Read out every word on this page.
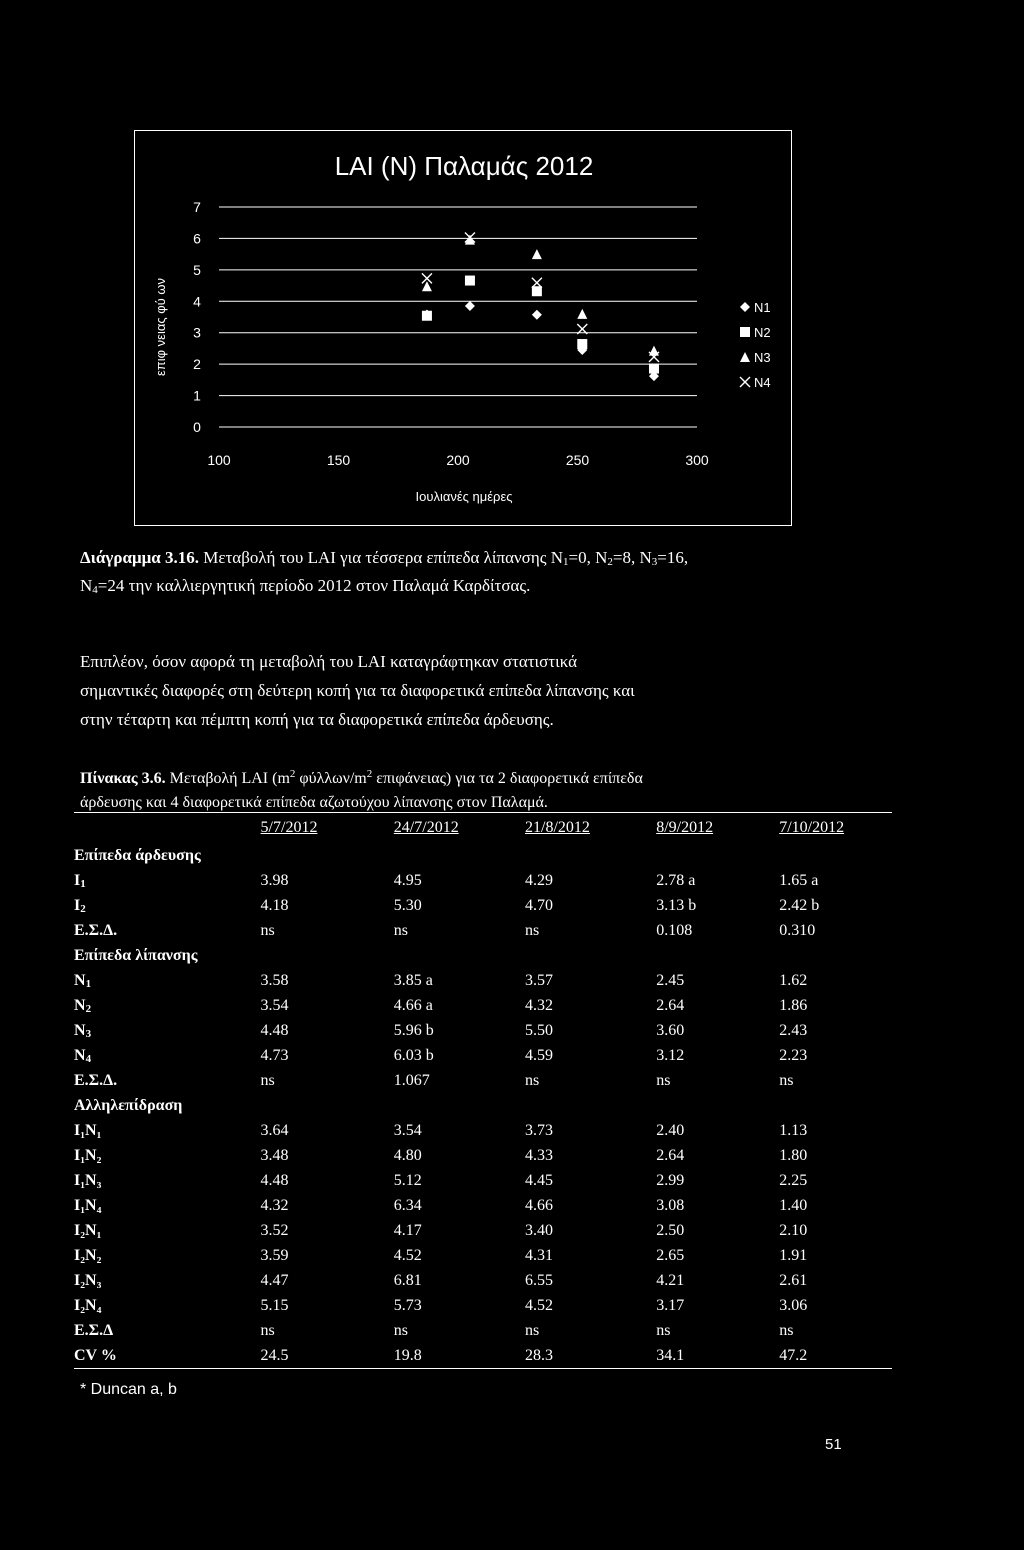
LAI (N) Παλαμάς 2012
0
1
2
3
4
5
6
7
100	150	200	250	300
Ιουλιανές ημέρες
επιφ νειας φύ ων	N1
N2
N3
N4
Διάγραμμα 3.16. Μεταβολή του LAI για τέσσερα επίπεδα λίπανσης $N_1=0$, $N_2=8$, $N_3=16$,
$N_4=24$ την καλλιεργητική περίοδο 2012 στον Παλαμά Καρδίτσας.
Επιπλέον, όσον αφορά τη μεταβολή του LAI καταγράφτηκαν στατιστικά
σημαντικές διαφορές στη δεύτερη κοπή για τα διαφορετικά επίπεδα λίπανσης και
στην τέταρτη και πέμπτη κοπή για τα διαφορετικά επίπεδα άρδευσης.
Πίνακας 3.6. Μεταβολή LAI ($m^2$ φύλλων/$m^2$ επιφάνειας) για τα 2 διαφορετικά επίπεδα
άρδευσης και 4 διαφορετικά επίπεδα αζωτούχου λίπανσης στον Παλαμά.
	5/7/2012	24/7/2012	21/8/2012	8/9/2012	7/10/2012
Επίπεδα άρδευσης					
$I_1$	3.98	4.95	4.29	2.78 a	1.65 a
$I_2$	4.18	5.30	4.70	3.13 b	2.42 b
Ε.Σ.Δ.	ns	ns	ns	0.108	0.310
Επίπεδα λίπανσης					
$N_1$	3.58	3.85 a	3.57	2.45	1.62
$N_2$	3.54	4.66 a	4.32	2.64	1.86
$N_3$	4.48	5.96 b	5.50	3.60	2.43
$N_4$	4.73	6.03 b	4.59	3.12	2.23
Ε.Σ.Δ.	ns	1.067	ns	ns	ns
Αλληλεπίδραση					
I₁N₁	3.64	3.54	3.73	2.40	1.13
I₁N₂	3.48	4.80	4.33	2.64	1.80
I₁N₃	4.48	5.12	4.45	2.99	2.25
I₁N₄	4.32	6.34	4.66	3.08	1.40
I₂N₁	3.52	4.17	3.40	2.50	2.10
I₂N₂	3.59	4.52	4.31	2.65	1.91
I₂N₃	4.47	6.81	6.55	4.21	2.61
I₂N₄	5.15	5.73	4.52	3.17	3.06
Ε.Σ.Δ	ns	ns	ns	ns	ns
CV %	24.5	19.8	28.3	34.1	47.2
* Duncan a, b
51
